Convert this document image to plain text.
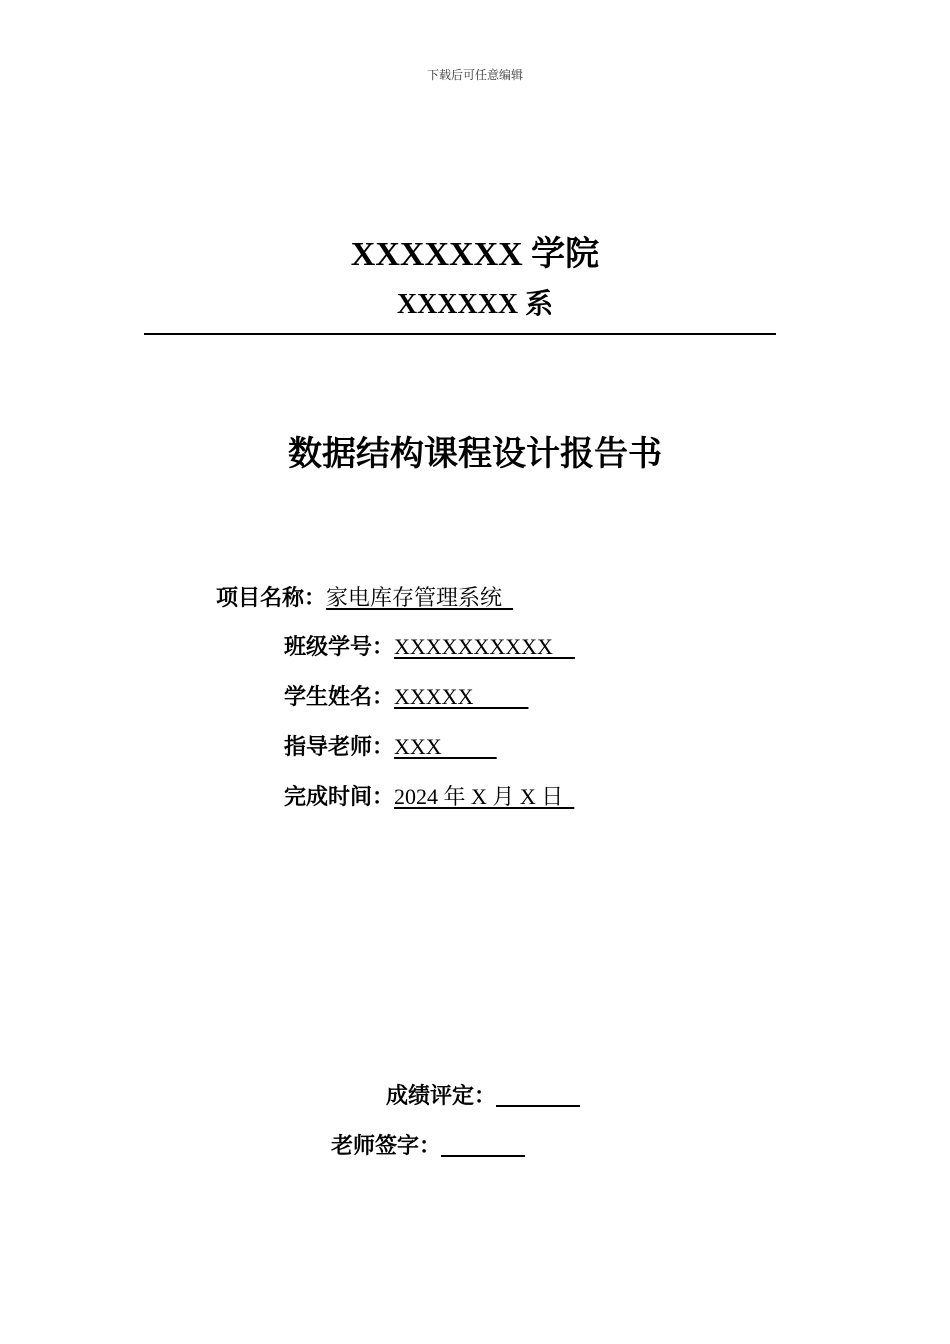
下载后可任意编辑
XXXXXXX 学院
XXXXXX 系
数据结构课程设计报告书
项目名称：家电库存管理系统
班级学号：XXXXXXXXXX
学生姓名：XXXXX
指导老师：XXX
完成时间：2024 年 X 月 X 日
成绩评定：
老师签字：
